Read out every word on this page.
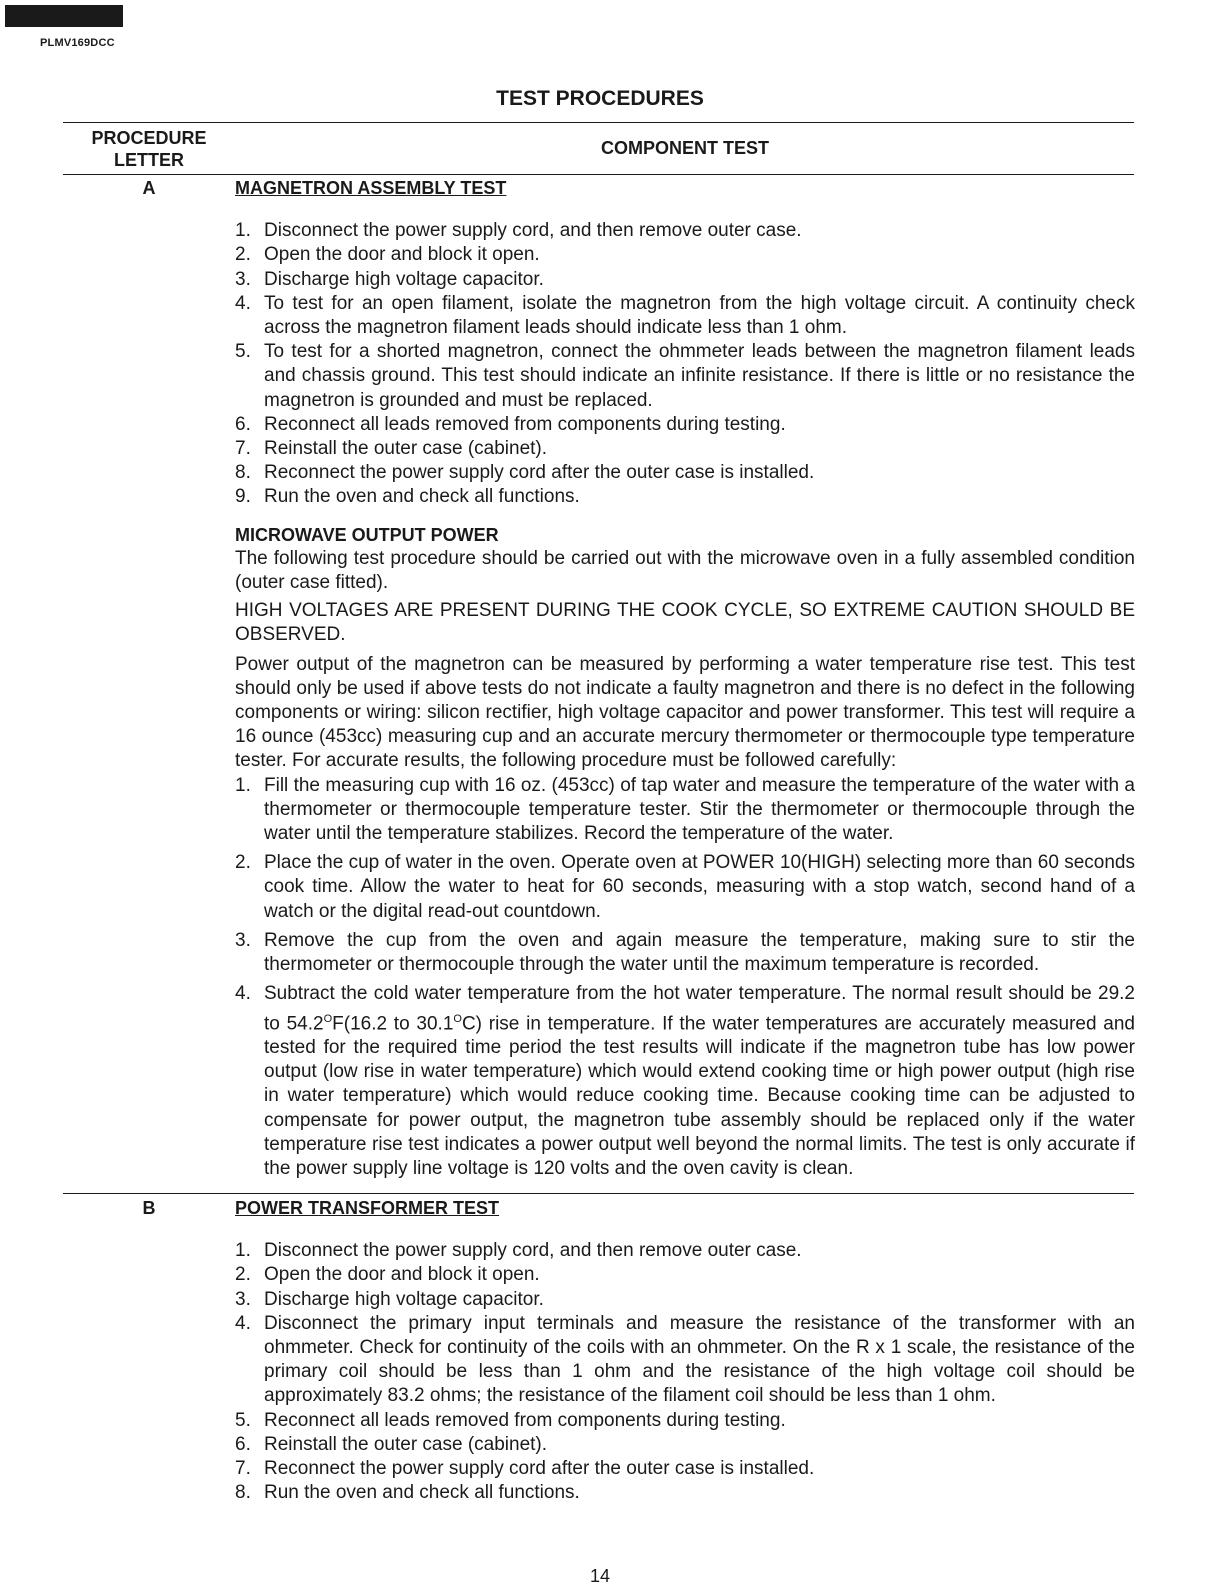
PLMV169DCC
TEST PROCEDURES
PROCEDURE
LETTER
COMPONENT TEST
A	MAGNETRON ASSEMBLY TEST
1. Disconnect the power supply cord, and then remove outer case.
2. Open the door and block it open.
3. Discharge high voltage capacitor.
4. To test for an open filament, isolate the magnetron from the high voltage circuit. A continuity check across the magnetron filament leads should indicate less than 1 ohm.
5. To test for a shorted magnetron, connect the ohmmeter leads between the magnetron filament leads and chassis ground. This test should indicate an infinite resistance. If there is little or no resistance the magnetron is grounded and must be replaced.
6. Reconnect all leads removed from components during testing.
7. Reinstall the outer case (cabinet).
8. Reconnect the power supply cord after the outer case is installed.
9. Run the oven and check all functions.
MICROWAVE OUTPUT POWER

The following test procedure should be carried out with the microwave oven in a fully assembled condition (outer case fitted).

HIGH VOLTAGES ARE PRESENT DURING THE COOK CYCLE, SO EXTREME CAUTION SHOULD BE OBSERVED.

Power output of the magnetron can be measured by performing a water temperature rise test. This test should only be used if above tests do not indicate a faulty magnetron and there is no defect in the following components or wiring: silicon rectifier, high voltage capacitor and power transformer. This test will require a 16 ounce (453cc) measuring cup and an accurate mercury thermometer or thermocouple type temperature tester. For accurate results, the following procedure must be followed carefully:

1. Fill the measuring cup with 16 oz. (453cc) of tap water and measure the temperature of the water with a thermometer or thermocouple temperature tester. Stir the thermometer or thermocouple through the water until the temperature stabilizes. Record the temperature of the water.
2. Place the cup of water in the oven. Operate oven at POWER 10(HIGH) selecting more than 60 seconds cook time. Allow the water to heat for 60 seconds, measuring with a stop watch, second hand of a watch or the digital read-out countdown.
3. Remove the cup from the oven and again measure the temperature, making sure to stir the thermometer or thermocouple through the water until the maximum temperature is recorded.
4. Subtract the cold water temperature from the hot water temperature. The normal result should be 29.2 to $54.2^OF(16.2$ to $30.1^OC$) rise in temperature. If the water temperatures are accurately measured and tested for the required time period the test results will indicate if the magnetron tube has low power output (low rise in water temperature) which would extend cooking time or high power output (high rise in water temperature) which would reduce cooking time. Because cooking time can be adjusted to compensate for power output, the magnetron tube assembly should be replaced only if the water temperature rise test indicates a power output well beyond the normal limits. The test is only accurate if the power supply line voltage is 120 volts and the oven cavity is clean.
B	POWER TRANSFORMER TEST
1. Disconnect the power supply cord, and then remove outer case.
2. Open the door and block it open.
3. Discharge high voltage capacitor.
4. Disconnect the primary input terminals and measure the resistance of the transformer with an ohmmeter. Check for continuity of the coils with an ohmmeter. On the R x 1 scale, the resistance of the primary coil should be less than 1 ohm and the resistance of the high voltage coil should be approximately 83.2 ohms; the resistance of the filament coil should be less than 1 ohm.
5. Reconnect all leads removed from components during testing.
6. Reinstall the outer case (cabinet).
7. Reconnect the power supply cord after the outer case is installed.
8. Run the oven and check all functions.
14
